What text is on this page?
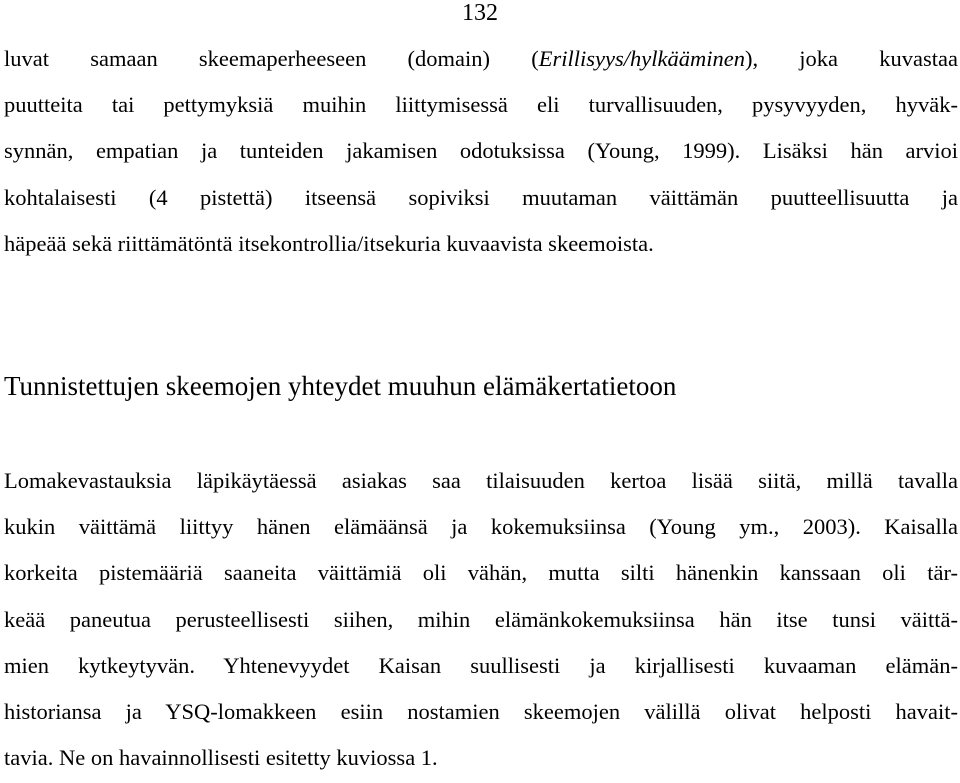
132
luvat samaan skeemaperheeseen (domain) (Erillisyys/hylkääminen), joka kuvastaa
puutteita tai pettymyksiä muihin liittymisessä eli turvallisuuden, pysyvyyden, hyväk-
synnän, empatian ja tunteiden jakamisen odotuksissa (Young, 1999). Lisäksi hän arvioi
kohtalaisesti (4 pistettä) itseensä sopiviksi muutaman väittämän puutteellisuutta ja
häpeää sekä riittämätöntä itsekontrollia/itsekuria kuvaavista skeemoista.
Tunnistettujen skeemojen yhteydet muuhun elämäkertatietoon
Lomakevastauksia läpikäytäessä asiakas saa tilaisuuden kertoa lisää siitä, millä tavalla
kukin väittämä liittyy hänen elämäänsä ja kokemuksiinsa (Young ym., 2003). Kaisalla
korkeita pistemääriä saaneita väittämiä oli vähän, mutta silti hänenkin kanssaan oli tär-
keää paneutua perusteellisesti siihen, mihin elämänkokemuksiinsa hän itse tunsi väittä-
mien kytkeytyvän. Yhtenevyydet Kaisan suullisesti ja kirjallisesti kuvaaman elämän-
historiansa ja YSQ-lomakkeen esiin nostamien skeemojen välillä olivat helposti havait-
tavia. Ne on havainnollisesti esitetty kuviossa 1.
